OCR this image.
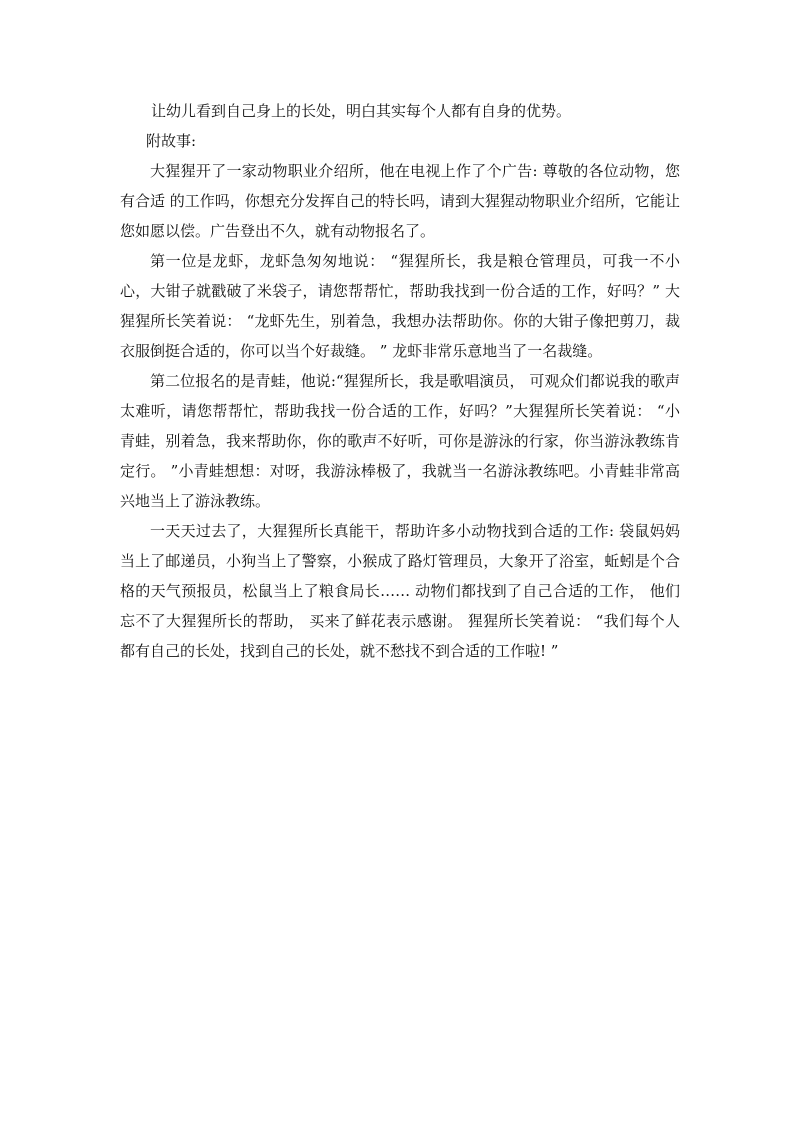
让幼儿看到自己身上的长处，明白其实每个人都有自身的优势。

附故事:

大猩猩开了一家动物职业介绍所，他在电视上作了个广告: 尊敬的各位动物，您有合适 的工作吗，你想充分发挥自己的特长吗，请到大猩猩动物职业介绍所，它能让您如愿以偿。广告登出不久，就有动物报名了。

第一位是龙虾，龙虾急匆匆地说： “猩猩所长，我是粮仓管理员，可我一不小心，大钳子就戳破了米袋子，请您帮帮忙，帮助我找到一份合适的工作，好吗？” 大猩猩所长笑着说： “龙虾先生，别着急，我想办法帮助你。你的大钳子像把剪刀，裁衣服倒挺合适的，你可以当个好裁缝。 ” 龙虾非常乐意地当了一名裁缝。

第二位报名的是青蛙，他说:“猩猩所长，我是歌唱演员， 可观众们都说我的歌声太难听，请您帮帮忙，帮助我找一份合适的工作，好吗？”大猩猩所长笑着说： “小青蛙，别着急，我来帮助你，你的歌声不好听，可你是游泳的行家，你当游泳教练肯定行。 ”小青蛙想想：对呀，我游泳棒极了，我就当一名游泳教练吧。小青蛙非常高兴地当上了游泳教练。

一天天过去了，大猩猩所长真能干，帮助许多小动物找到合适的工作: 袋鼠妈妈当上了邮递员，小狗当上了警察，小猴成了路灯管理员，大象开了浴室，蚯蚓是个合格的天气预报员，松鼠当上了粮食局长…… 动物们都找到了自己合适的工作， 他们忘不了大猩猩所长的帮助， 买来了鲜花表示感谢。 猩猩所长笑着说： “我们每个人都有自己的长处，找到自己的长处，就不愁找不到合适的工作啦! ”
